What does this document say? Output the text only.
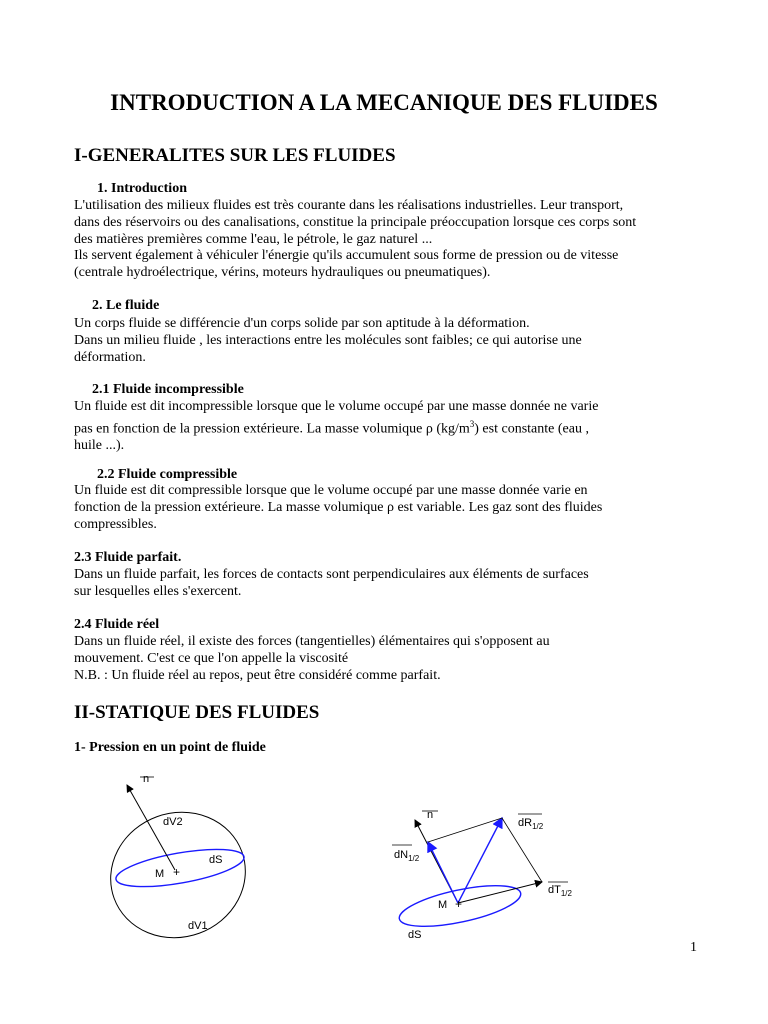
INTRODUCTION A LA MECANIQUE DES FLUIDES
I-GENERALITES SUR LES FLUIDES
1. Introduction
L'utilisation des milieux fluides est très courante dans les réalisations industrielles. Leur transport,
dans des réservoirs ou des canalisations, constitue la principale préoccupation lorsque ces corps sont
des matières premières comme l'eau, le pétrole, le gaz naturel ...
Ils servent également à véhiculer l'énergie qu'ils accumulent sous forme de pression ou de vitesse
(centrale hydroélectrique, vérins, moteurs hydrauliques ou pneumatiques).
2. Le fluide
Un corps fluide se différencie d'un corps solide par son aptitude à la déformation.
Dans un milieu fluide , les interactions entre les molécules sont faibles; ce qui autorise une
déformation.
2.1 Fluide incompressible
Un fluide est dit incompressible lorsque que le volume occupé par une masse donnée ne varie
pas en fonction de la pression extérieure. La masse volumique ρ $(kg/m^3)$ est constante (eau ,
huile ...).
2.2 Fluide compressible
Un fluide est dit compressible lorsque que le volume occupé par une masse donnée varie en
fonction de la pression extérieure. La masse volumique ρ est variable. Les gaz sont des fluides
compressibles.
2.3 Fluide parfait.
Dans un fluide parfait, les forces de contacts sont perpendiculaires aux éléments de surfaces
sur lesquelles elles s'exercent.
2.4 Fluide réel
Dans un fluide réel, il existe des forces (tangentielles) élémentaires qui s'opposent au
mouvement. C'est ce que l'on appelle la viscosité
N.B. : Un fluide réel au repos, peut être considéré comme parfait.
II-STATIQUE DES FLUIDES
1- Pression en un point de fluide
n
dV2
dS
M +
dV1
n
$dN_{1/2}$
$dR_{1/2}$
$dT_{1/2}$
M +
dS
1
